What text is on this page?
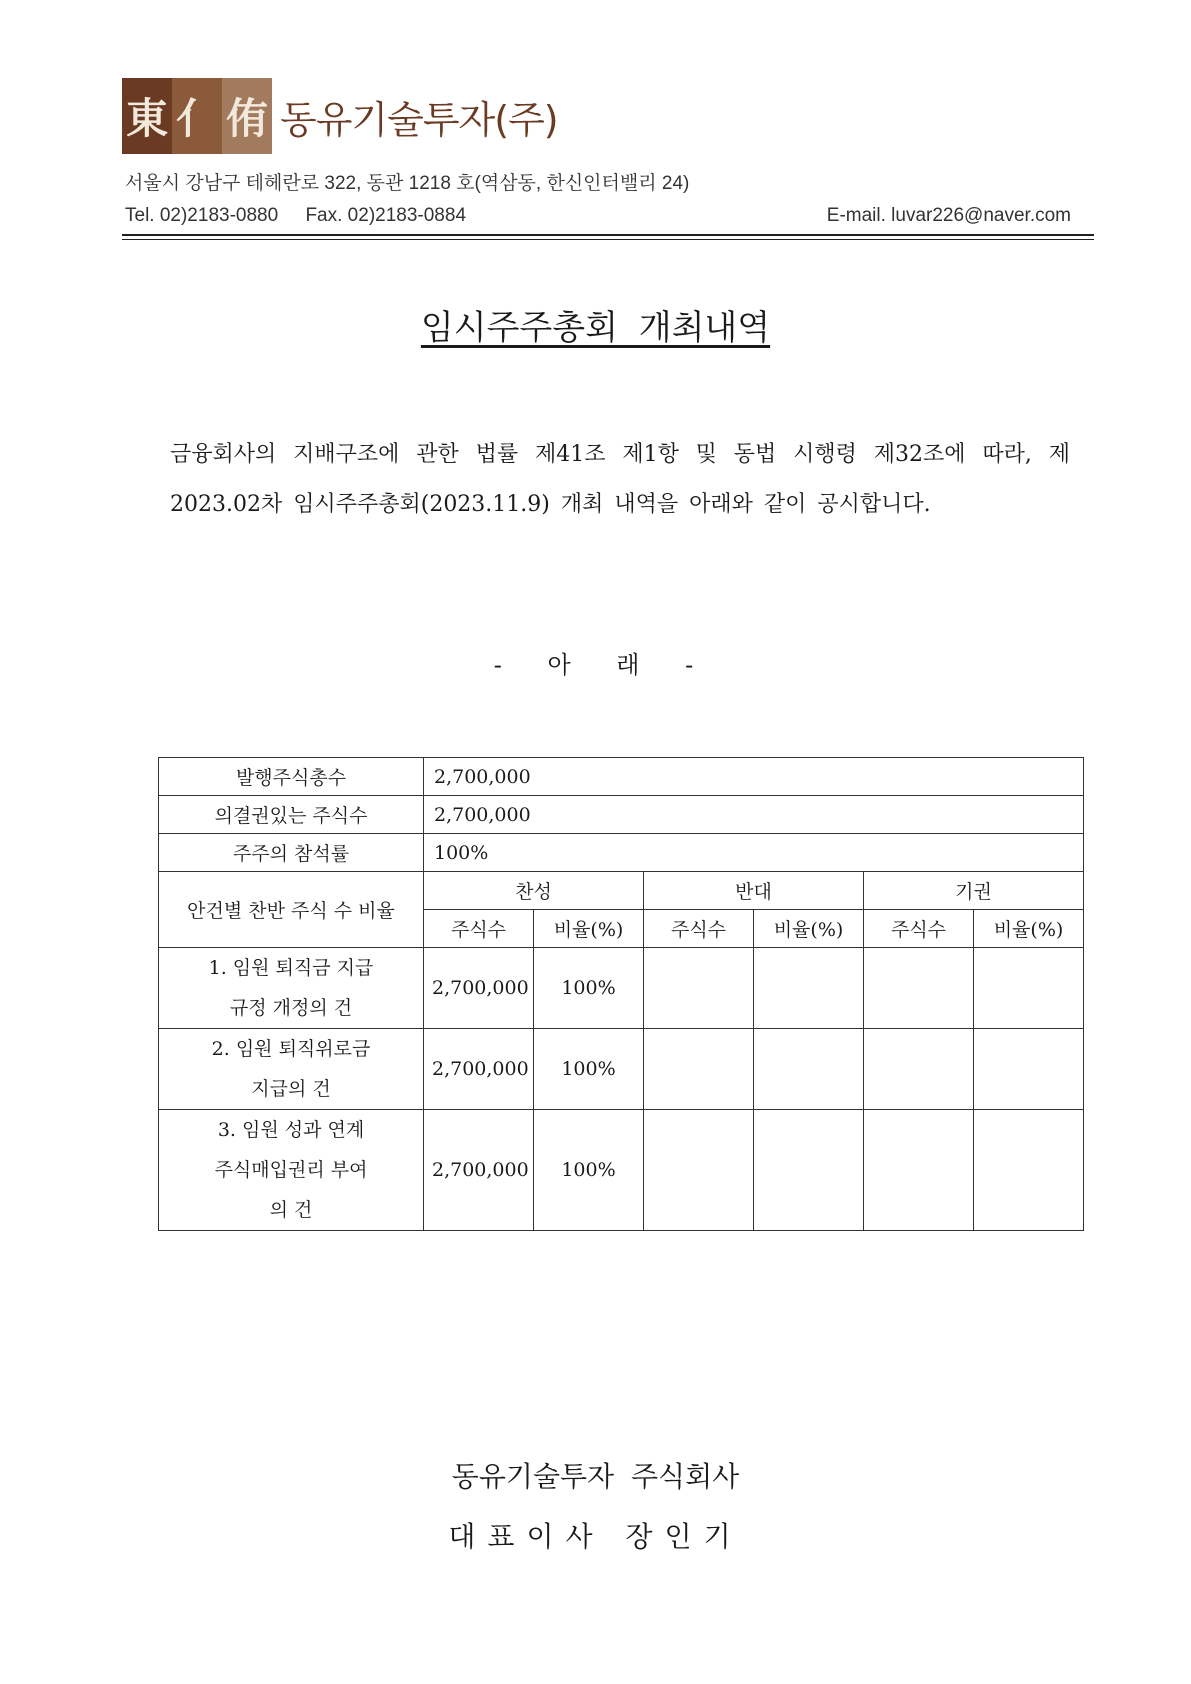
東 亻 侑 동유기술투자(주)
서울시 강남구 테헤란로 322, 동관 1218 호(역삼동, 한신인터밸리 24)
Tel. 02)2183-0880 Fax. 02)2183-0884	E-mail. luvar226@naver.com
임시주주총회 개최내역
금융회사의 지배구조에 관한 법률 제41조 제1항 및 동법 시행령 제32조에 따라, 제 2023.02차 임시주주총회(2023.11.9) 개최 내역을 아래와 같이 공시합니다.
- 아 래 -
발행주식총수	2,700,000					
의결권있는 주식수	2,700,000					
주주의 참석률	100%					
안건별 찬반 주식 수 비율	찬성		반대		기권	
	주식수	비율(%)	주식수	비율(%)	주식수	비율(%)

1. 임원 퇴직금 지급
규정 개정의 건	2,700,000	100%				

2. 임원 퇴직위로금
지급의 건	2,700,000	100%				

3. 임원 성과 연계
주식매입권리 부여
의 건	2,700,000	100%				
동유기술투자 주식회사
대표이사 장인기
